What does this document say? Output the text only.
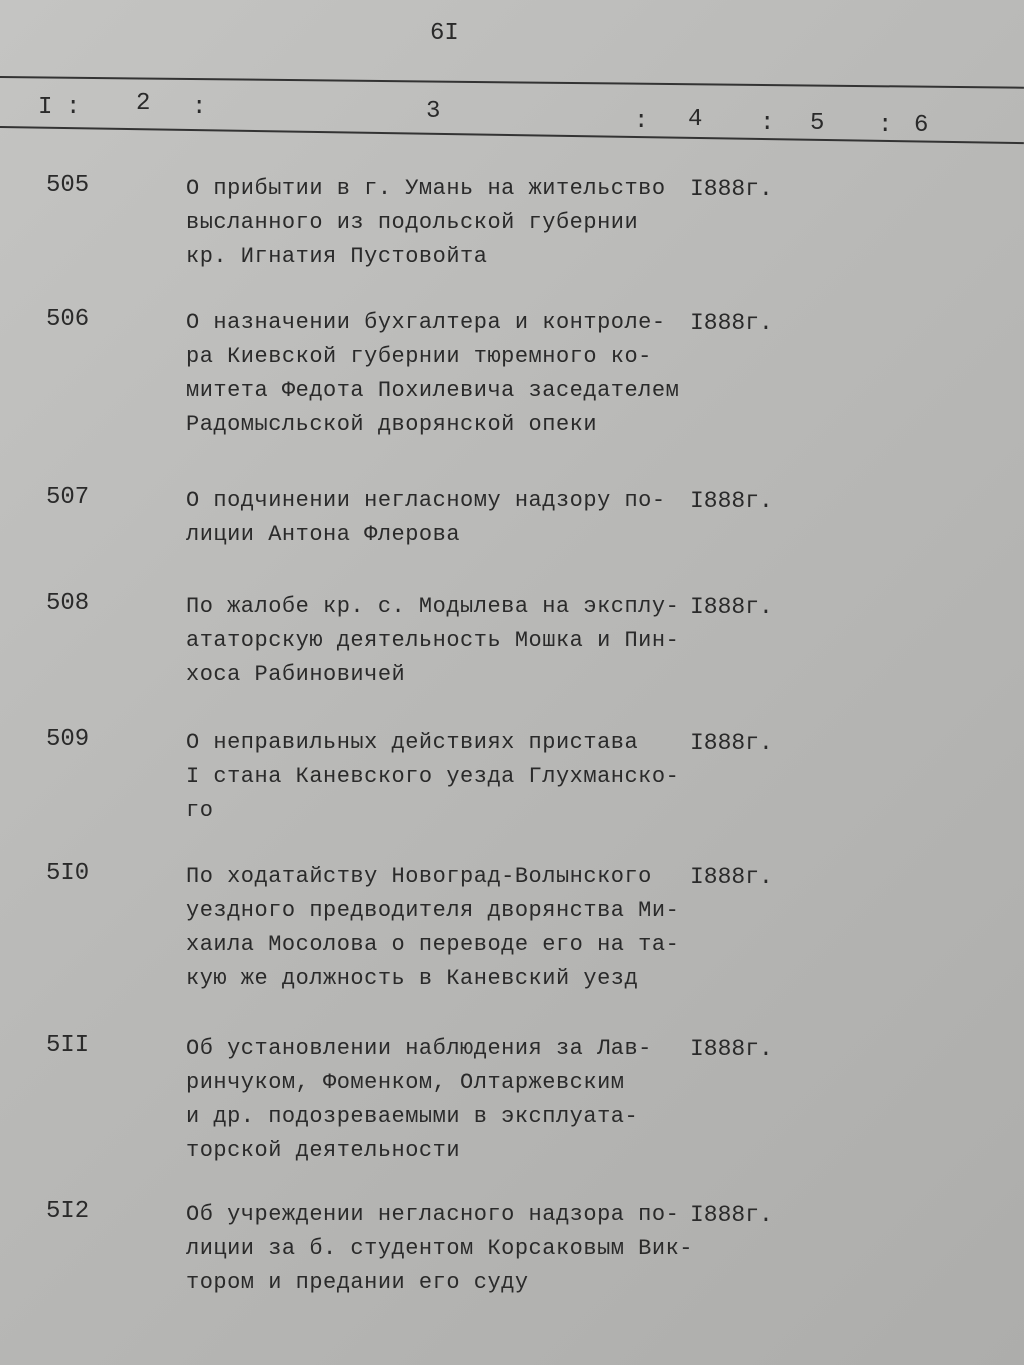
6I
I : 2 :	3	: 4 : 5 : 6
505	О прибытии в г. Умань на жительство
высланного из подольской губернии
кр. Игнатия Пустовойта
I888г.
506	О назначении бухгалтера и контроле-
ра Киевской губернии тюремного ко-
митета Федота Похилевича заседателем
Радомысльской дворянской опеки
I888г.
507	О подчинении негласному надзору по-
лиции Антона Флерова
I888г.
508	По жалобе кр. с. Модылева на эксплу-
ататорскую деятельность Мошка и Пин-
хоса Рабиновичей
I888г.
509	О неправильных действиях пристава
I стана Каневского уезда Глухманско-
го
I888г.
5I0	По ходатайству Новоград-Волынского
уездного предводителя дворянства Ми-
хаила Мосолова о переводе его на та-
кую же должность в Каневский уезд
I888г.
5II	Об установлении наблюдения за Лав-
ринчуком, Фоменком, Олтаржевским
и др. подозреваемыми в эксплуата-
торской деятельности
I888г.
5I2	Об учреждении негласного надзора по-
лиции за б. студентом Корсаковым Вик-
тором и предании его суду
I888г.
